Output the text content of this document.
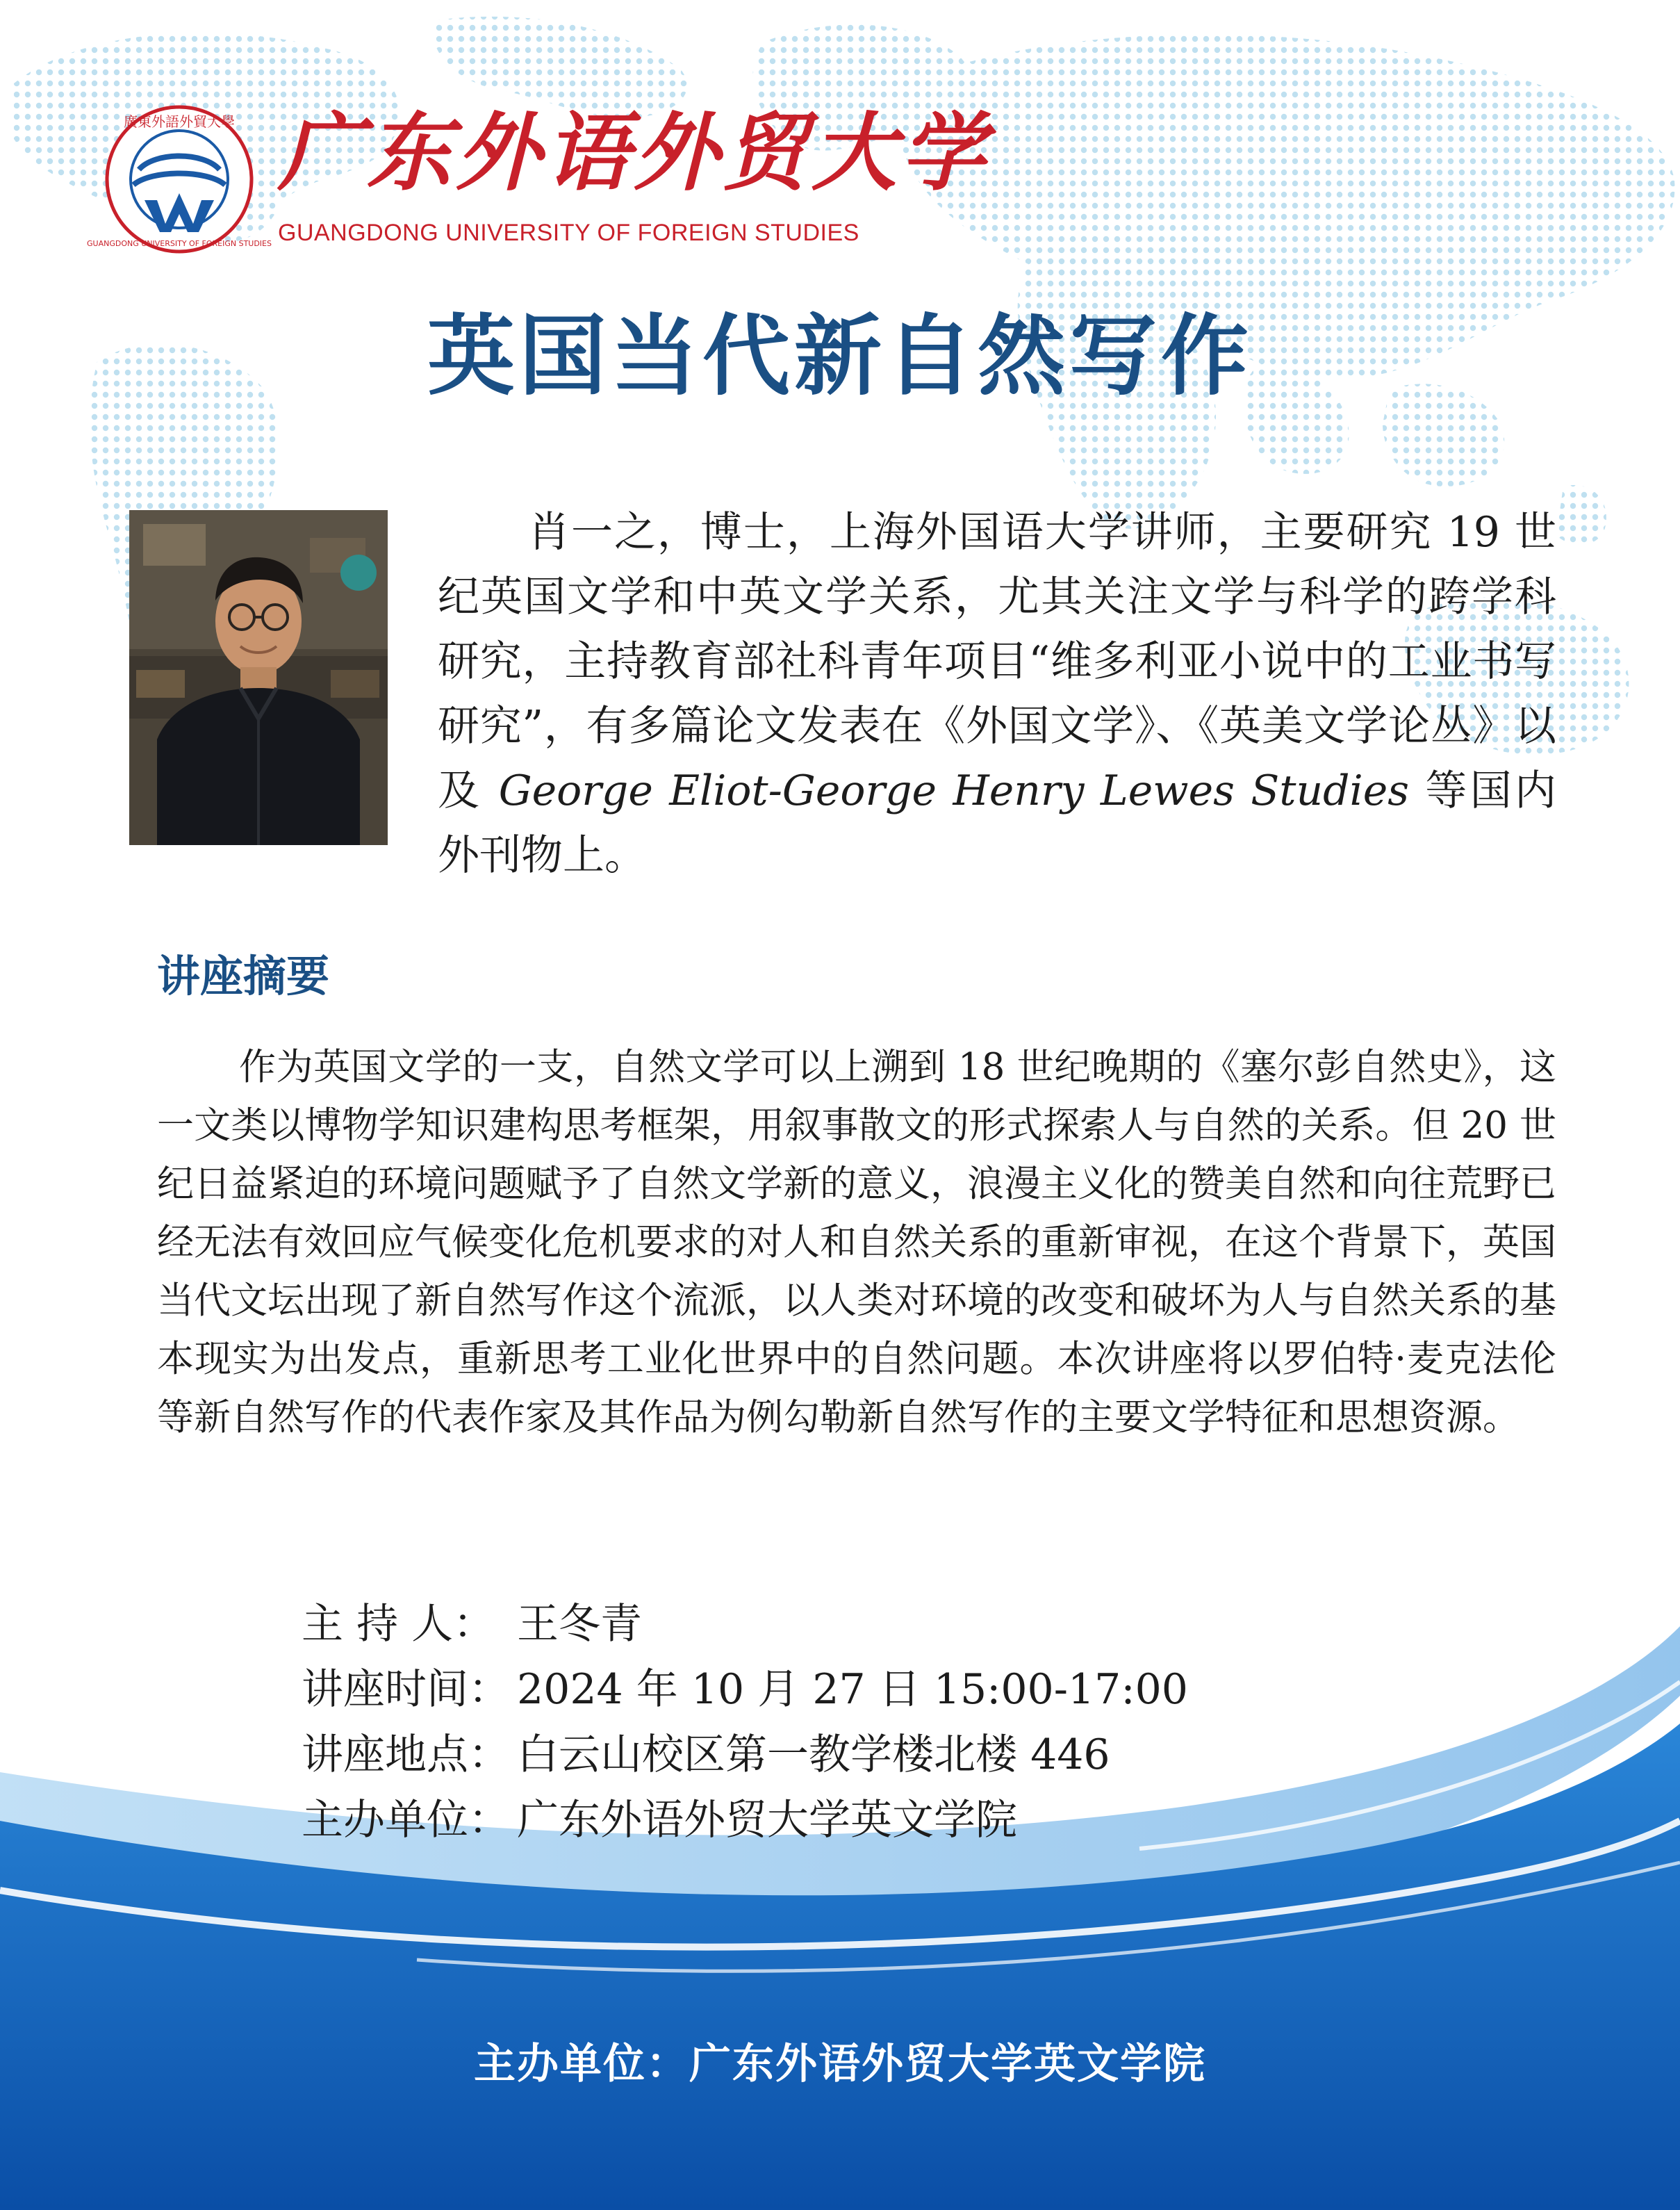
廣東外語外貿大學
GUANGDONG UNIVERSITY OF FOREIGN STUDIES
广东外语外贸大学
GUANGDONG UNIVERSITY OF FOREIGN STUDIES
英国当代新自然写作

肖一之，博士，上海外国语大学讲师，主要研究 19 世纪英国文学和中英文学关系，尤其关注文学与科学的跨学科研究，主持教育部社科青年项目“维多利亚小说中的工业书写研究”，有多篇论文发表在《外国文学》、《英美文学论丛》以及 George Eliot-George Henry Lewes Studies 等国内外刊物上。

讲座摘要

作为英国文学的一支，自然文学可以上溯到 18 世纪晚期的《塞尔彭自然史》，这一文类以博物学知识建构思考框架，用叙事散文的形式探索人与自然的关系。但 20 世纪日益紧迫的环境问题赋予了自然文学新的意义，浪漫主义化的赞美自然和向往荒野已经无法有效回应气候变化危机要求的对人和自然关系的重新审视，在这个背景下，英国当代文坛出现了新自然写作这个流派，以人类对环境的改变和破坏为人与自然关系的基本现实为出发点，重新思考工业化世界中的自然问题。本次讲座将以罗伯特·麦克法伦等新自然写作的代表作家及其作品为例勾勒新自然写作的主要文学特征和思想资源。

主 持 人： 王冬青
讲座时间： 2024 年 10 月 27 日 15:00-17:00
讲座地点： 白云山校区第一教学楼北楼 446
主办单位： 广东外语外贸大学英文学院
主办单位：广东外语外贸大学英文学院
